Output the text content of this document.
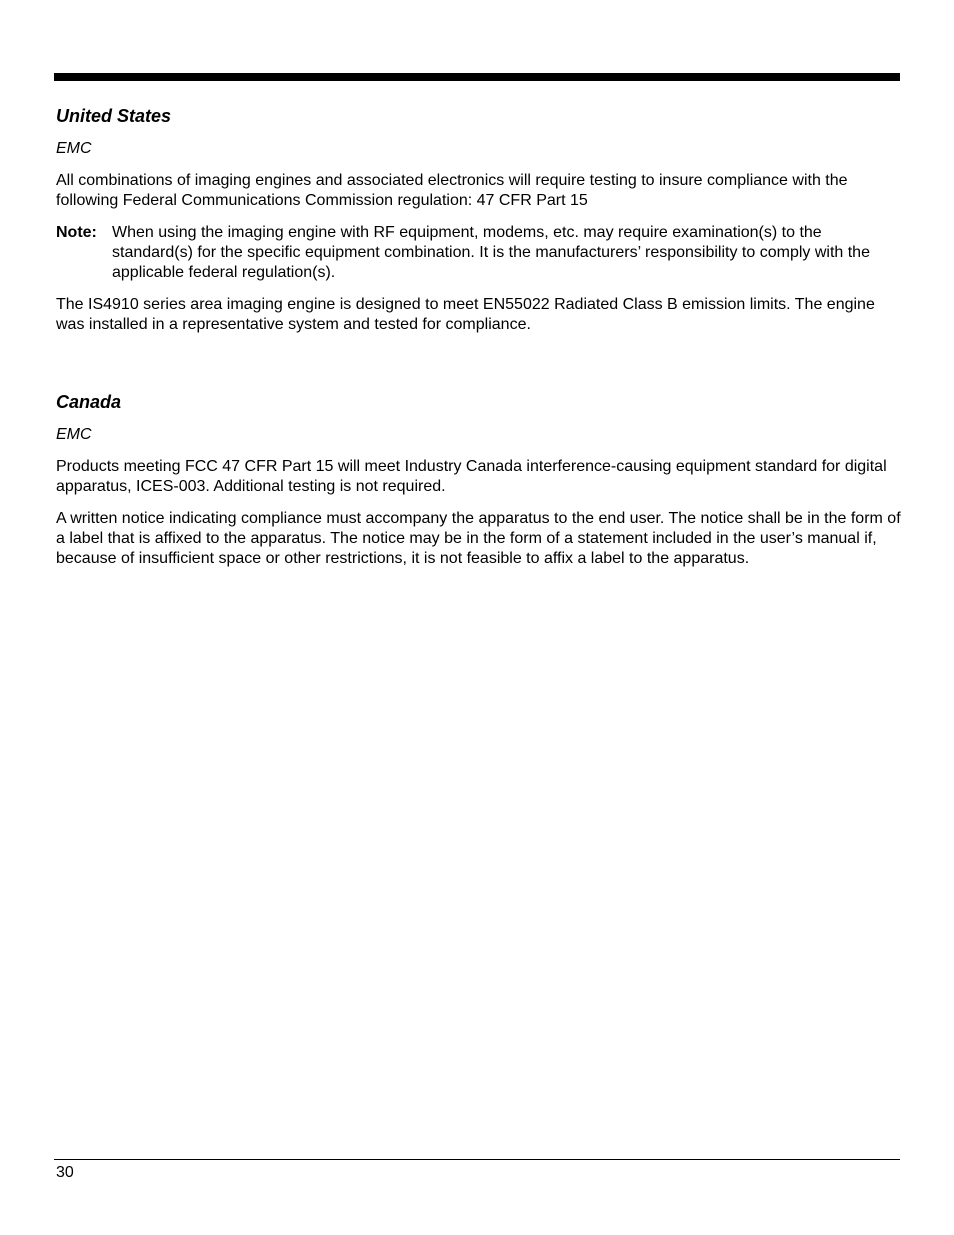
United States
EMC
All combinations of imaging engines and associated electronics will require testing to insure compliance with the following Federal Communications Commission regulation: 47 CFR Part 15
Note: When using the imaging engine with RF equipment, modems, etc. may require examination(s) to the standard(s) for the specific equipment combination. It is the manufacturers’ responsibility to comply with the applicable federal regulation(s).
The IS4910 series area imaging engine is designed to meet EN55022 Radiated Class B emission limits. The engine was installed in a representative system and tested for compliance.
Canada
EMC
Products meeting FCC 47 CFR Part 15 will meet Industry Canada interference-causing equipment standard for digital apparatus, ICES-003. Additional testing is not required.
A written notice indicating compliance must accompany the apparatus to the end user. The notice shall be in the form of a label that is affixed to the apparatus. The notice may be in the form of a statement included in the user’s manual if, because of insufficient space or other restrictions, it is not feasible to affix a label to the apparatus.
30
